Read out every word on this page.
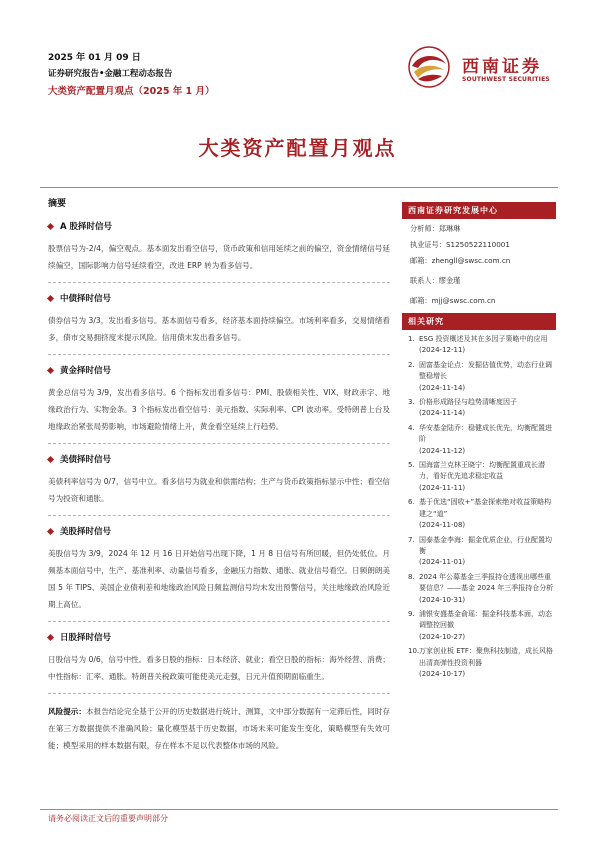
2025 年 01 月 09 日
证券研究报告•金融工程动态报告
大类资产配置月观点（2025 年 1 月）
西南证券
SOUTHWEST SECURITIES
大类资产配置月观点
摘要
A 股择时信号
股票信号为-2/4，偏空观点。基本面发出看空信号，货币政策和信用延续之前的偏空，资金情绪信号延续偏空，国际影响力信号延续看空，改进 ERP 转为看多信号。
中债择时信号
债券信号为 3/3，发出看多信号。基本面信号看多，经济基本面持续偏空。市场利率看多，交易情绪看多，债市交易拥挤度未提示风险。信用债末发出看多信号。
黄金择时信号
黄金总信号为 3/9，发出看多信号。6 个指标发出看多信号：PMI、股债相关性、VIX、财政赤字、地缘政治行为、实物金条。3 个指标发出看空信号：美元指数、实际利率、CPI 波动率。受特朗普上台及地缘政治紧张局势影响，市场避险情绪上升，黄金看空延续上行趋势。
美债择时信号
美债利率信号为 0/7，信号中立。看多信号为就业和供需结构；生产与货币政策指标显示中性；看空信号为投资和通胀。
美股择时信号
美股信号为 3/9，2024 年 12 月 16 日开始信号出现下降，1 月 8 日信号有所回暖，但仍处低位。月频基本面信号中，生产、基准利率、动量信号看多，金融压力指数、通胀、就业信号看空。日频朗朗美国 5 年 TIPS、美国企业债利差和地缘政治风险日频监测信号均未发出预警信号，关注地缘政治风险近期上高位。
日股择时信号
日股信号为 0/6，信号中性。看多日股的指标：日本经济、就业；看空日股的指标：海外经营、消费；中性指标：汇率、通胀。特朗普关税政策可能使美元走强，日元升值预期面临重生。
风险提示：本报告结论完全基于公开的历史数据进行统计、测算，文中部分数据有一定滞后性，同时存在第三方数据提供不准确风险；量化模型基于历史数据，市场未来可能发生变化，策略模型有失效可能；模型采用的样本数据有限，存在样本不足以代表整体市场的风险。
西南证券研究发展中心
分析师：郑琳琳
执业证号：S1250522110001
邮箱：zhengll@swsc.com.cn
联系人：缪金瑾
邮箱：mjj@swsc.com.cn
相关研究
1. ESG 投资概述及其在多因子策略中的应用
(2024-12-11)
2. 固富基金论点：发掘估值优势，动态行业调整稳增长
(2024-11-14)
3. 价格形成路径与趋势清晰度因子
(2024-11-14)
4. 华安基金陆乔：稳健成长优先，均衡配置进阶
(2024-11-12)
5. 国海富兰克林王晓宁：均衡配置重成长潜力，看好优先追求稳定收益
(2024-11-11)
6. 基于优选“固收+”基金探索绝对收益策略构建之“道”
(2024-11-08)
7. 国泰基金李海：掘金优质企业，行业配置均衡
(2024-11-01)
8. 2024 年公募基金三季报持仓透视出哪些重要信息？——基金 2024 年三季报持仓分析
(2024-10-31)
9. 浦银安盛基金俞瑶：掘金科技基本面，动态调整控回撤
(2024-10-27)
10. 万家创业板 ETF：聚焦科技制造，成长风格出清高弹性投资利器
(2024-10-17)
请务必阅读正文后的重要声明部分
